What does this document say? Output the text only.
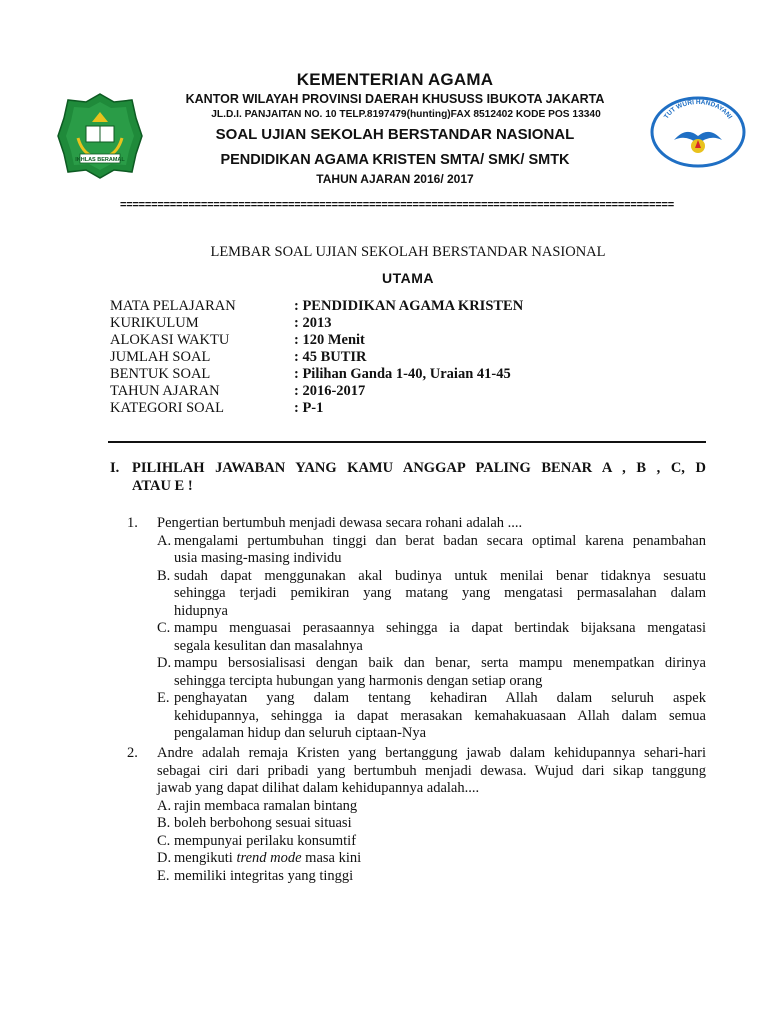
IKHLAS BERAMAL
TUT WURI HANDAYANI
KEMENTERIAN AGAMA
KANTOR WILAYAH PROVINSI DAERAH KHUSUSS IBUKOTA JAKARTA
JL.D.I. PANJAITAN NO. 10 TELP.8197479(hunting)FAX 8512402 KODE POS 13340
SOAL UJIAN SEKOLAH BERSTANDAR NASIONAL
PENDIDIKAN AGAMA KRISTEN SMTA/ SMK/ SMTK
TAHUN AJARAN 2016/ 2017
=========================================================================================
LEMBAR SOAL UJIAN SEKOLAH BERSTANDAR NASIONAL
UTAMA
MATA PELAJARAN	: PENDIDIKAN AGAMA KRISTEN
KURIKULUM	: 2013
ALOKASI WAKTU	: 120 Menit
JUMLAH SOAL	: 45 BUTIR
BENTUK SOAL	: Pilihan Ganda 1-40, Uraian 41-45
TAHUN AJARAN	: 2016-2017
KATEGORI SOAL	: P-1
I. PILIHLAH JAWABAN YANG KAMU ANGGAP PALING BENAR A , B , C, D
ATAU E !
1. Pengertian bertumbuh menjadi dewasa secara rohani adalah ....
A. mengalami pertumbuhan tinggi dan berat badan secara optimal karena penambahan
usia masing-masing individu
B. sudah dapat menggunakan akal budinya untuk menilai benar tidaknya sesuatu
sehingga terjadi pemikiran yang matang yang mengatasi permasalahan dalam
hidupnya
C. mampu menguasai perasaannya sehingga ia dapat bertindak bijaksana mengatasi
segala kesulitan dan masalahnya
D. mampu bersosialisasi dengan baik dan benar, serta mampu menempatkan dirinya
sehingga tercipta hubungan yang harmonis dengan setiap orang
E. penghayatan yang dalam tentang kehadiran Allah dalam seluruh aspek
kehidupannya, sehingga ia dapat merasakan kemahakuasaan Allah dalam semua
pengalaman hidup dan seluruh ciptaan-Nya
2. Andre adalah remaja Kristen yang bertanggung jawab dalam kehidupannya sehari-hari
sebagai ciri dari pribadi yang bertumbuh menjadi dewasa. Wujud dari sikap tanggung
jawab yang dapat dilihat dalam kehidupannya adalah....
A. rajin membaca ramalan bintang
B. boleh berbohong sesuai situasi
C. mempunyai perilaku konsumtif
D. mengikuti trend mode masa kini
E. memiliki integritas yang tinggi
